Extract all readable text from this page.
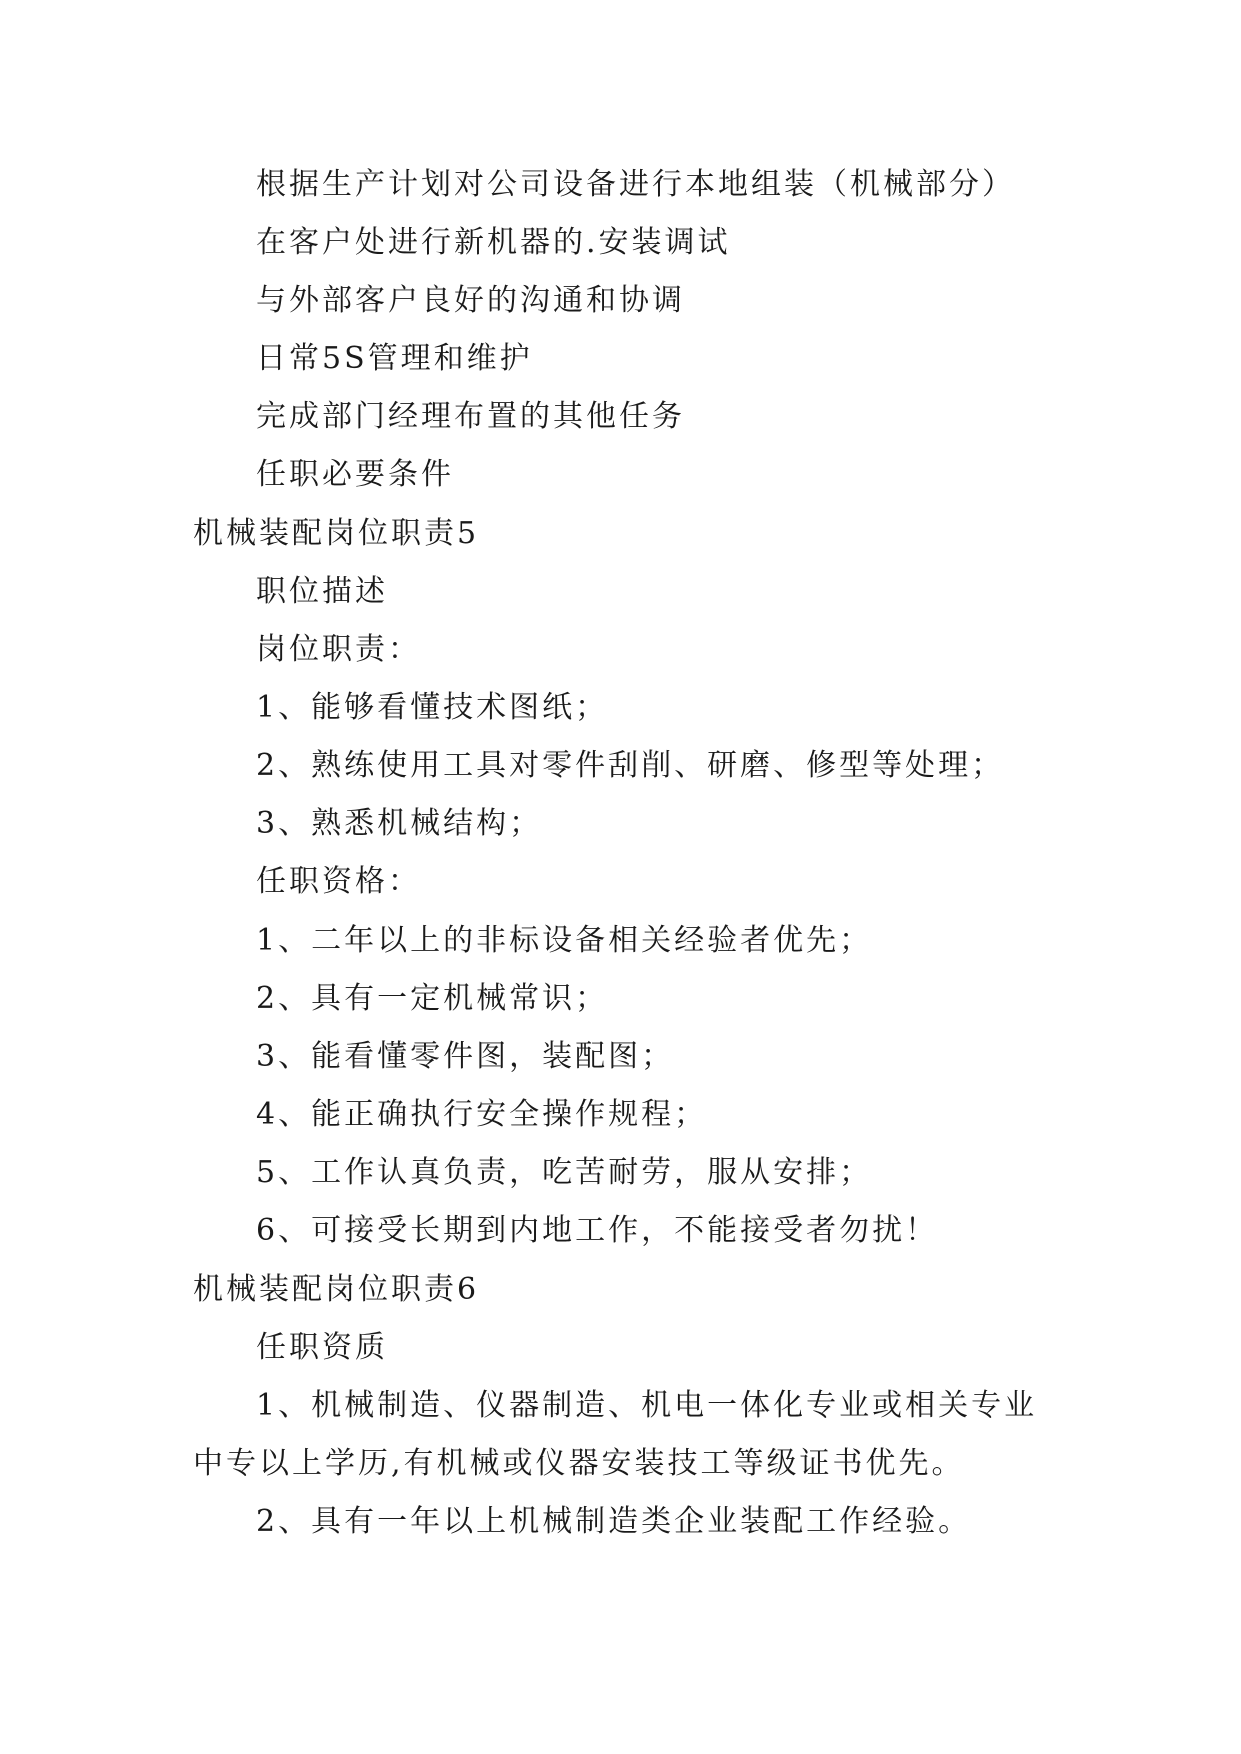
根据生产计划对公司设备进行本地组装（机械部分）
在客户处进行新机器的.安装调试
与外部客户良好的沟通和协调
日常5S管理和维护
完成部门经理布置的其他任务
任职必要条件
机械装配岗位职责5
职位描述
岗位职责：
1、能够看懂技术图纸；
2、熟练使用工具对零件刮削、研磨、修型等处理；
3、熟悉机械结构；
任职资格：
1、二年以上的非标设备相关经验者优先；
2、具有一定机械常识；
3、能看懂零件图，装配图；
4、能正确执行安全操作规程；
5、工作认真负责，吃苦耐劳，服从安排；
6、可接受长期到内地工作，不能接受者勿扰！
机械装配岗位职责6
任职资质
1、机械制造、仪器制造、机电一体化专业或相关专业
中专以上学历,有机械或仪器安装技工等级证书优先。
2、具有一年以上机械制造类企业装配工作经验。
